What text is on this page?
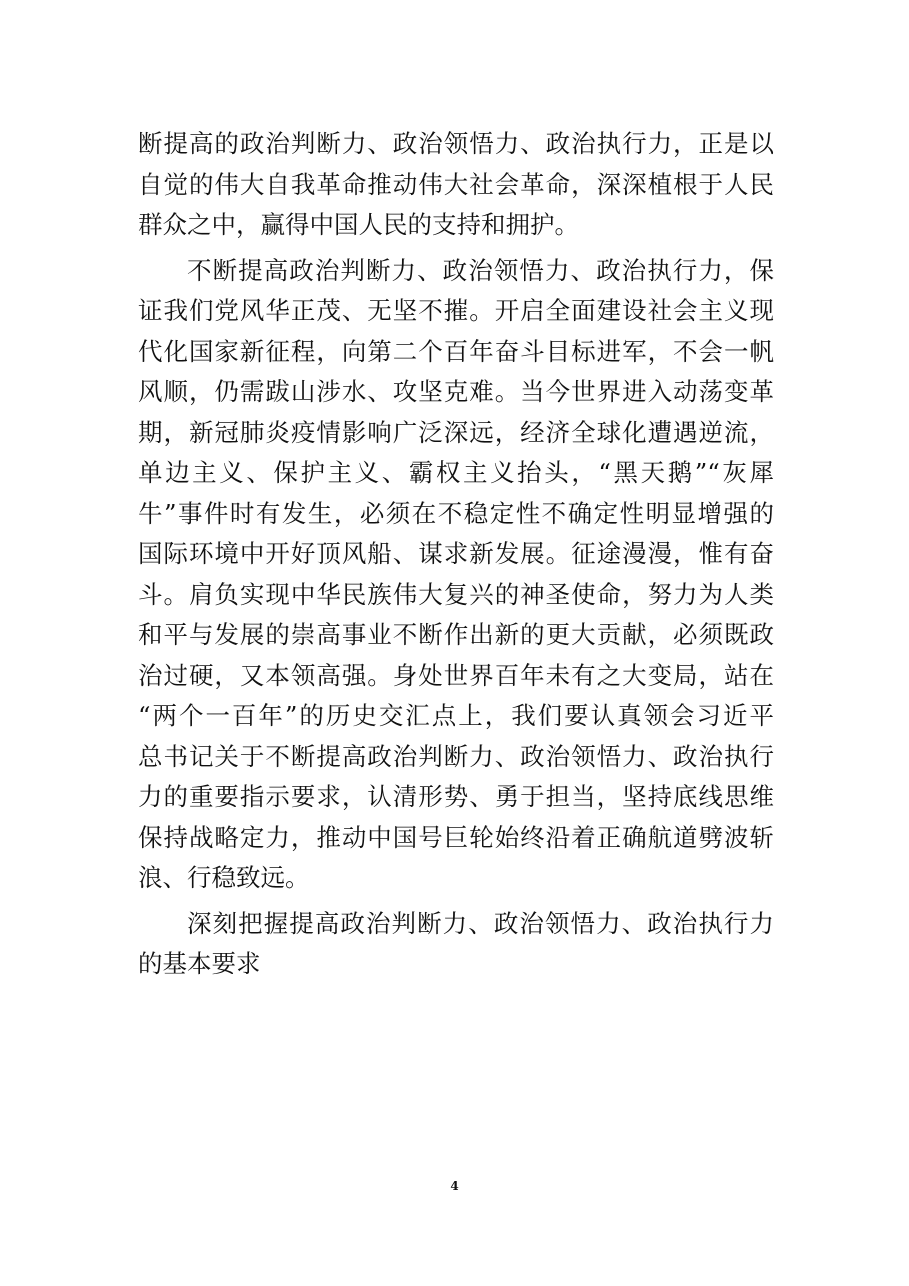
断提高的政治判断力、政治领悟力、政治执行力，正是以
自觉的伟大自我革命推动伟大社会革命，深深植根于人民
群众之中，赢得中国人民的支持和拥护。
不断提高政治判断力、政治领悟力、政治执行力，保
证我们党风华正茂、无坚不摧。开启全面建设社会主义现
代化国家新征程，向第二个百年奋斗目标进军，不会一帆
风顺，仍需跋山涉水、攻坚克难。当今世界进入动荡变革
期，新冠肺炎疫情影响广泛深远，经济全球化遭遇逆流，
单边主义、保护主义、霸权主义抬头，“黑天鹅”“灰犀
牛”事件时有发生，必须在不稳定性不确定性明显增强的
国际环境中开好顶风船、谋求新发展。征途漫漫，惟有奋
斗。肩负实现中华民族伟大复兴的神圣使命，努力为人类
和平与发展的崇高事业不断作出新的更大贡献，必须既政
治过硬，又本领高强。身处世界百年未有之大变局，站在
“两个一百年”的历史交汇点上，我们要认真领会习近平
总书记关于不断提高政治判断力、政治领悟力、政治执行
力的重要指示要求，认清形势、勇于担当，坚持底线思维
保持战略定力，推动中国号巨轮始终沿着正确航道劈波斩
浪、行稳致远。
深刻把握提高政治判断力、政治领悟力、政治执行力
的基本要求
4
